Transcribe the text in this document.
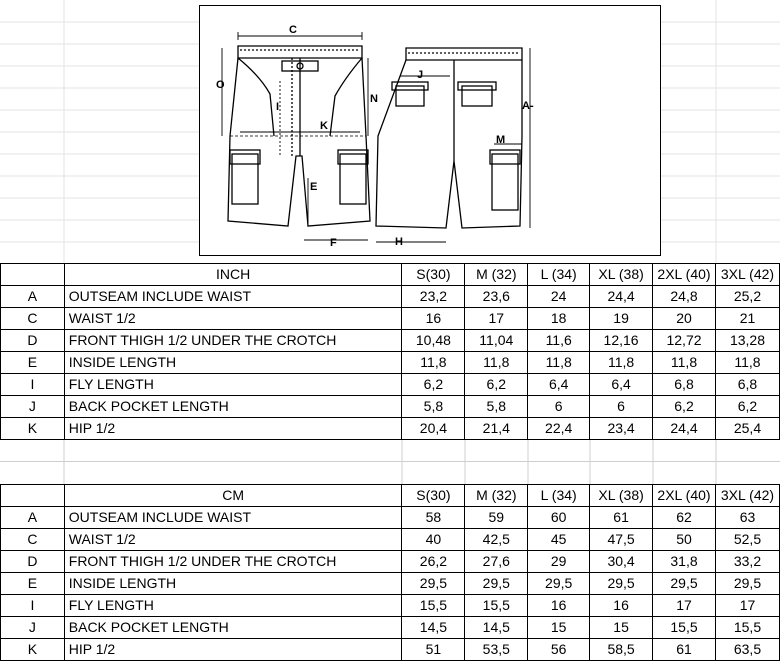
C
O
I
K
N
E
F
J
A-
M
H
	INCH	S(30)	M (32)	L (34)	XL (38)	2XL (40)	3XL (42)
A	OUTSEAM INCLUDE WAIST	23,2	23,6	24	24,4	24,8	25,2
C	WAIST 1/2	16	17	18	19	20	21
D	FRONT THIGH 1/2 UNDER THE CROTCH	10,48	11,04	11,6	12,16	12,72	13,28
E	INSIDE LENGTH	11,8	11,8	11,8	11,8	11,8	11,8
I	FLY LENGTH	6,2	6,2	6,4	6,4	6,8	6,8
J	BACK POCKET LENGTH	5,8	5,8	6	6	6,2	6,2
K	HIP 1/2	20,4	21,4	22,4	23,4	24,4	25,4
	CM	S(30)	M (32)	L (34)	XL (38)	2XL (40)	3XL (42)
A	OUTSEAM INCLUDE WAIST	58	59	60	61	62	63
C	WAIST 1/2	40	42,5	45	47,5	50	52,5
D	FRONT THIGH 1/2 UNDER THE CROTCH	26,2	27,6	29	30,4	31,8	33,2
E	INSIDE LENGTH	29,5	29,5	29,5	29,5	29,5	29,5
I	FLY LENGTH	15,5	15,5	16	16	17	17
J	BACK POCKET LENGTH	14,5	14,5	15	15	15,5	15,5
K	HIP 1/2	51	53,5	56	58,5	61	63,5
